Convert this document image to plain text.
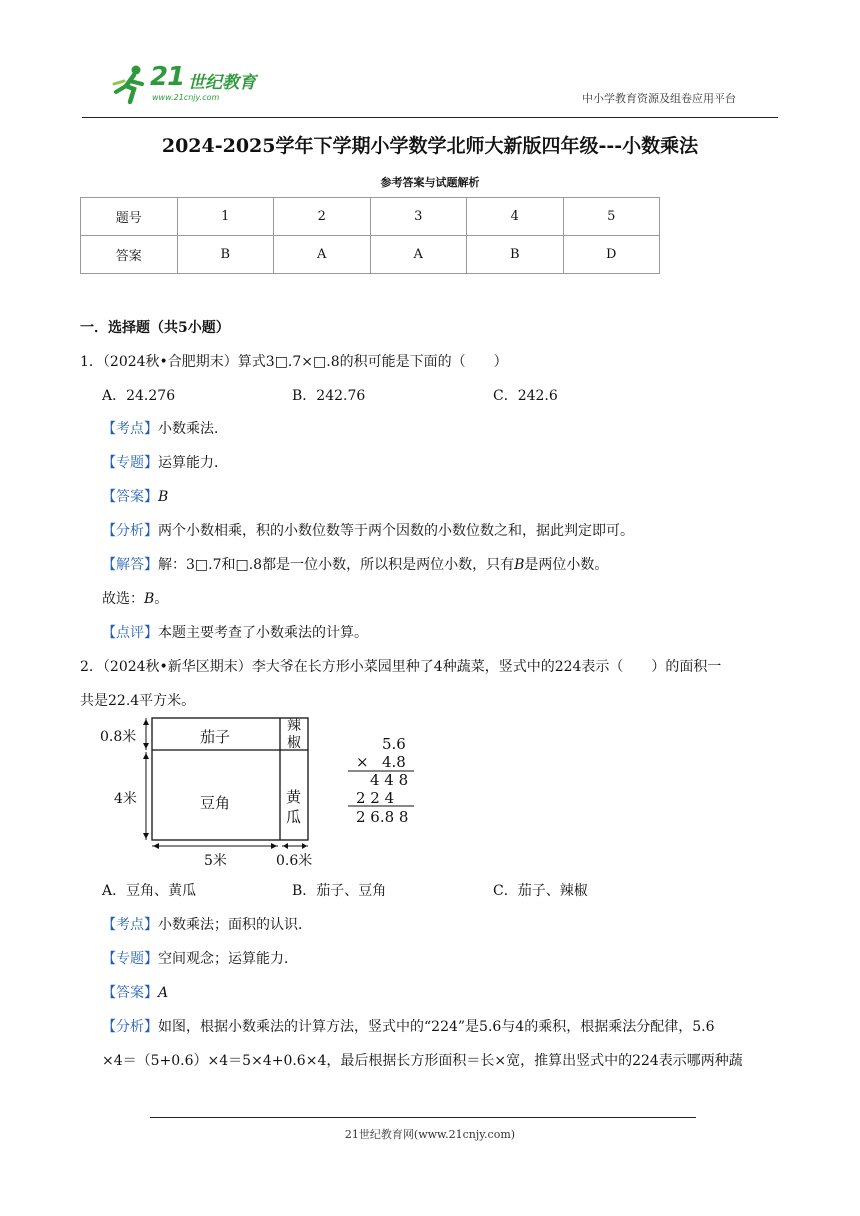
21 世纪教育
www.21cnjy.com	中小学教育资源及组卷应用平台
2024-2025学年下学期小学数学北师大新版四年级---小数乘法
参考答案与试题解析
题号	1	2	3	4	5
答案	B	A	A	B	D
一．选择题（共5小题）
1．（2024秋•合肥期末）算式3□.7×□.8的积可能是下面的（　　）
A．24.276	B．242.76	C．242.6
【考点】小数乘法．
【专题】运算能力．
【答案】B
【分析】两个小数相乘，积的小数位数等于两个因数的小数位数之和，据此判定即可。
【解答】解：3□.7和□.8都是一位小数，所以积是两位小数，只有B是两位小数。
故选：B。
【点评】本题主要考查了小数乘法的计算。
2．（2024秋•新华区期末）李大爷在长方形小菜园里种了4种蔬菜，竖式中的224表示（　　）的面积一
共是22.4平方米。
茄子
辣
椒
豆角	黄
瓜
0.8米
4米
5米	0.6米
5.6
× 4.8
4 4 8
2 2 4
2 6.8 8
A．豆角、黄瓜	B．茄子、豆角	C．茄子、辣椒
【考点】小数乘法；面积的认识．
【专题】空间观念；运算能力．
【答案】A
【分析】如图，根据小数乘法的计算方法，竖式中的“224”是5.6与4的乘积，根据乘法分配律，5.6
×4＝（5+0.6）×4＝5×4+0.6×4，最后根据长方形面积＝长×宽，推算出竖式中的224表示哪两种蔬
21世纪教育网(www.21cnjy.com)
